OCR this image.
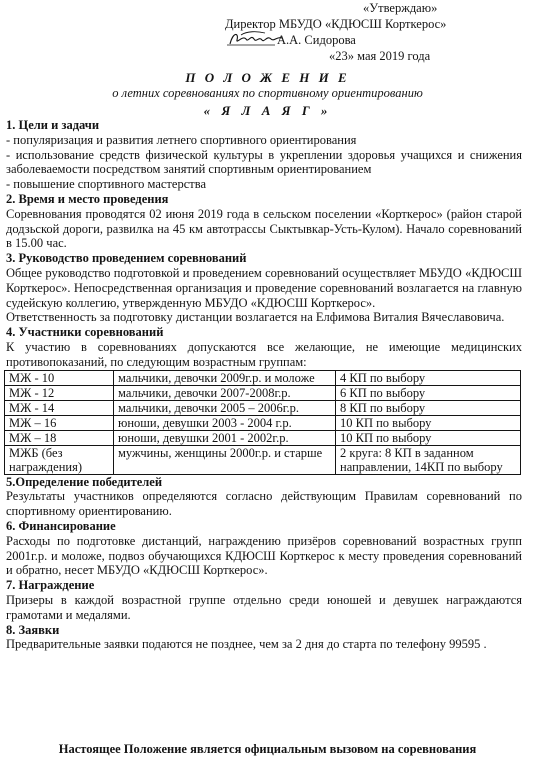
«Утверждаю»
Директор МБУДО «КДЮСШ Корткерос»
А.А. Сидорова
«23» мая 2019 года
П О Л О Ж Е Н И Е
о летних соревнованиях по спортивному ориентированию
« Я Л А Я Г »
1. Цели и задачи
- популяризация и развития летнего спортивного ориентирования
- использование средств физической культуры в укреплении здоровья учащихся и снижения заболеваемости посредством занятий спортивным ориентированием
- повышение спортивного мастерства
2. Время и место проведения
Соревнования проводятся 02 июня 2019 года в сельском поселении «Корткерос» (район старой додзьской дороги, развилка на 45 км автотрассы Сыктывкар-Усть-Кулом). Начало соревнований в 15.00 час.
3. Руководство проведением соревнований
Общее руководство подготовкой и проведением соревнований осуществляет МБУДО «КДЮСШ Корткерос». Непосредственная организация и проведение соревнований возлагается на главную судейскую коллегию, утвержденную МБУДО «КДЮСШ Корткерос».
Ответственность за подготовку дистанции возлагается на Елфимова Виталия Вячеславовича.
4. Участники соревнований
К участию в соревнованиях допускаются все желающие, не имеющие медицинских противопоказаний, по следующим возрастным группам:
МЖ - 10	мальчики, девочки 2009г.р. и моложе	4 КП по выбору
МЖ - 12	мальчики, девочки 2007-2008г.р.	6 КП по выбору
МЖ - 14	мальчики, девочки 2005 – 2006г.р.	8 КП по выбору
МЖ – 16	юноши, девушки 2003 - 2004 г.р.	10 КП по выбору
МЖ – 18	юноши, девушки 2001 - 2002г.р.	10 КП по выбору
МЖБ (без награждения)	мужчины, женщины 2000г.р. и старше	2 круга: 8 КП в заданном направлении, 14КП по выбору
5.Определение победителей
Результаты участников определяются согласно действующим Правилам соревнований по спортивному ориентированию.
6. Финансирование
Расходы по подготовке дистанций, награждению призёров соревнований возрастных групп 2001г.р. и моложе, подвоз обучающихся КДЮСШ Корткерос к месту проведения соревнований и обратно, несет МБУДО «КДЮСШ Корткерос».
7. Награждение
Призеры в каждой возрастной группе отдельно среди юношей и девушек награждаются грамотами и медалями.
8. Заявки
Предварительные заявки подаются не позднее, чем за 2 дня до старта по телефону 99595 .
Настоящее Положение является официальным вызовом на соревнования
